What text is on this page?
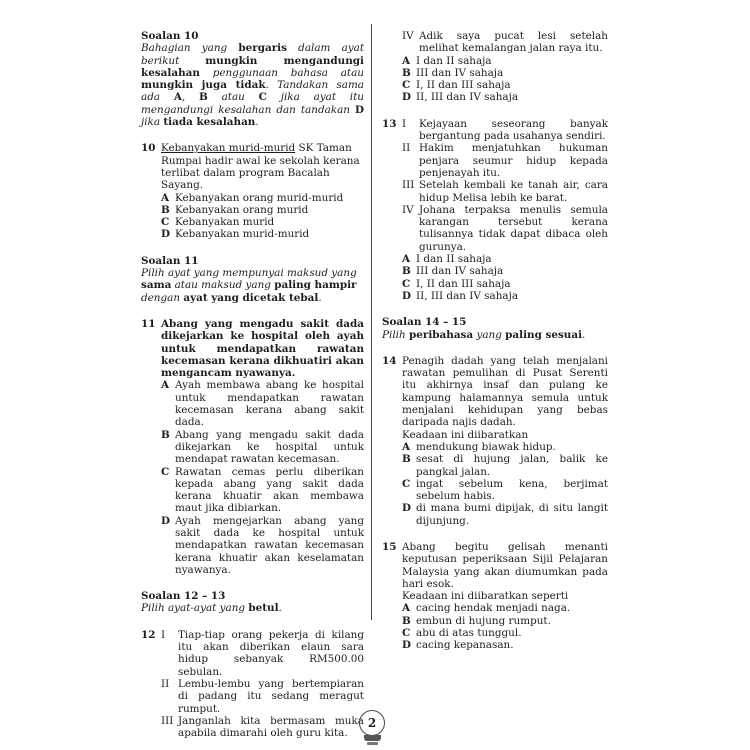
Soalan 10
Bahagian yang bergaris dalam ayat berikut mungkin mengandungi kesalahan penggunaan bahasa atau mungkin juga tidak. Tandakan sama ada A, B atau C jika ayat itu mengandungi kesalahan dan tandakan D jika tiada kesalahan.
10 Kebanyakan murid-murid SK Taman Rumpai hadir awal ke sekolah kerana terlibat dalam program Bacalah Sayang.
A Kebanyakan orang murid-murid
B Kebanyakan orang murid
C Kebanyakan murid
D Kebanyakan murid-murid
Soalan 11
Pilih ayat yang mempunyai maksud yang sama atau maksud yang paling hampir dengan ayat yang dicetak tebal.
11 Abang yang mengadu sakit dada dikejarkan ke hospital oleh ayah untuk mendapatkan rawatan kecemasan kerana dikhuatiri akan mengancam nyawanya.
A Ayah membawa abang ke hospital untuk mendapatkan rawatan kecemasan kerana abang sakit dada.
B Abang yang mengadu sakit dada dikejarkan ke hospital untuk mendapat rawatan kecemasan.
C Rawatan cemas perlu diberikan kepada abang yang sakit dada kerana khuatir akan membawa maut jika dibiarkan.
D Ayah mengejarkan abang yang sakit dada ke hospital untuk mendapatkan rawatan kecemasan kerana khuatir akan keselamatan nyawanya.
Soalan 12 – 13
Pilih ayat-ayat yang betul.
12 I	Tiap-tiap orang pekerja di kilang itu akan diberikan elaun sara hidup sebanyak RM500.00 sebulan.
II Lembu-lembu yang bertempiaran di padang itu sedang meragut rumput.
III Janganlah kita bermasam muka apabila dimarahi oleh guru kita.
IV Adik saya pucat lesi setelah melihat kemalangan jalan raya itu.
A I dan II sahaja
B III dan IV sahaja
C I, II dan III sahaja
D II, III dan IV sahaja
13 I	Kejayaan seseorang banyak bergantung pada usahanya sendiri.
II Hakim menjatuhkan hukuman penjara seumur hidup kepada penjenayah itu.
III Setelah kembali ke tanah air, cara hidup Melisa lebih ke barat.
IV Johana terpaksa menulis semula karangan tersebut kerana tulisannya tidak dapat dibaca oleh gurunya.
A I dan II sahaja
B III dan IV sahaja
C I, II dan III sahaja
D II, III dan IV sahaja
Soalan 14 – 15
Pilih peribahasa yang paling sesuai.
14 Penagih dadah yang telah menjalani rawatan pemulihan di Pusat Serenti itu akhirnya insaf dan pulang ke kampung halamannya semula untuk menjalani kehidupan yang bebas daripada najis dadah.
Keadaan ini diibaratkan
A mendukung biawak hidup.
B sesat di hujung jalan, balik ke pangkal jalan.
C ingat sebelum kena, berjimat sebelum habis.
D di mana bumi dipijak, di situ langit dijunjung.
15 Abang begitu gelisah menanti keputusan peperiksaan Sijil Pelajaran Malaysia yang akan diumumkan pada hari esok.
Keadaan ini diibaratkan seperti
A cacing hendak menjadi naga.
B embun di hujung rumput.
C abu di atas tunggul.
D cacing kepanasan.
2
